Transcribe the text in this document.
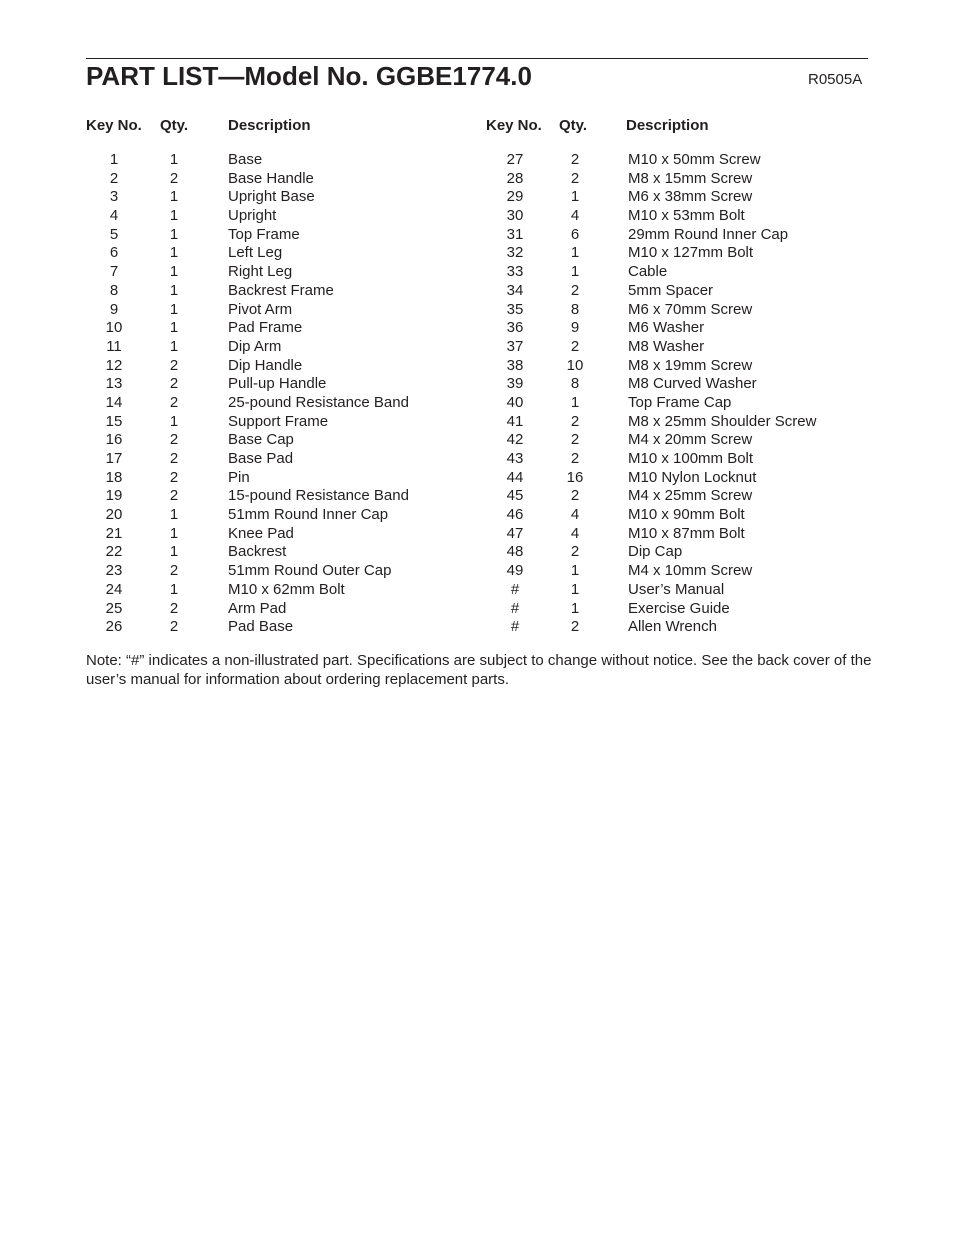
PART LIST—Model No. GGBE1774.0	R0505A
Key No. Qty.	Description
1	1	Base
2	2	Base Handle
3	1	Upright Base
4	1	Upright
5	1	Top Frame
6	1	Left Leg
7	1	Right Leg
8	1	Backrest Frame
9	1	Pivot Arm
10	1	Pad Frame
11	1	Dip Arm
12	2	Dip Handle
13	2	Pull-up Handle
14	2	25-pound Resistance Band
15	1	Support Frame
16	2	Base Cap
17	2	Base Pad
18	2	Pin
19	2	15-pound Resistance Band
20	1	51mm Round Inner Cap
21	1	Knee Pad
22	1	Backrest
23	2	51mm Round Outer Cap
24	1	M10 x 62mm Bolt
25	2	Arm Pad
26	2	Pad Base
Key No. Qty.	Description
27	2	M10 x 50mm Screw
28	2	M8 x 15mm Screw
29	1	M6 x 38mm Screw
30	4	M10 x 53mm Bolt
31	6	29mm Round Inner Cap
32	1	M10 x 127mm Bolt
33	1	Cable
34	2	5mm Spacer
35	8	M6 x 70mm Screw
36	9	M6 Washer
37	2	M8 Washer
38	10	M8 x 19mm Screw
39	8	M8 Curved Washer
40	1	Top Frame Cap
41	2	M8 x 25mm Shoulder Screw
42	2	M4 x 20mm Screw
43	2	M10 x 100mm Bolt
44	16	M10 Nylon Locknut
45	2	M4 x 25mm Screw
46	4	M10 x 90mm Bolt
47	4	M10 x 87mm Bolt
48	2	Dip Cap
49	1	M4 x 10mm Screw
#	1	User’s Manual
#	1	Exercise Guide
#	2	Allen Wrench
Note: “#” indicates a non-illustrated part. Specifications are subject to change without notice. See the back cover of the user’s manual for information about ordering replacement parts.
